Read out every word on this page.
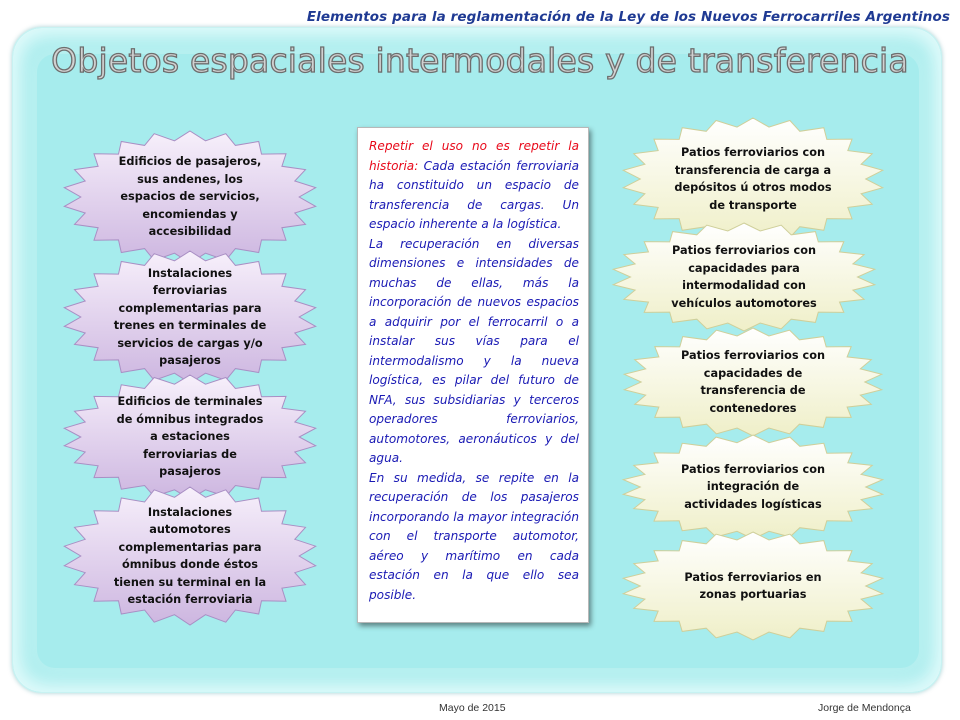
Elementos para la reglamentación de la Ley de los Nuevos Ferrocarriles Argentinos
Objetos espaciales intermodales y de transferencia
Edificios de pasajeros, sus andenes, los espacios de servicios, encomiendas y accesibilidad
Instalaciones ferroviarias complementarias para trenes en terminales de servicios de cargas y/o pasajeros
Edificios de terminales de ómnibus integrados a estaciones ferroviarias de pasajeros
Instalaciones automotores complementarias para ómnibus donde éstos tienen su terminal en la estación ferroviaria

Repetir el uso no es repetir la historia: Cada estación ferroviaria ha constituido un espacio de transferencia de cargas. Un espacio inherente a la logística.

La recuperación en diversas dimensiones e intensidades de muchas de ellas, más la incorporación de nuevos espacios a adquirir por el ferrocarril o a instalar sus vías para el intermodalismo y la nueva logística, es pilar del futuro de NFA, sus subsidiarias y terceros operadores ferroviarios, automotores, aeronáuticos y del agua.

En su medida, se repite en la recuperación de los pasajeros incorporando la mayor integración con el transporte automotor, aéreo y marítimo en cada estación en la que ello sea posible.

Patios ferroviarios con transferencia de carga a depósitos ú otros modos de transporte
Patios ferroviarios con capacidades para intermodalidad con vehículos automotores
Patios ferroviarios con capacidades de transferencia de contenedores
Patios ferroviarios con integración de actividades logísticas
Patios ferroviarios en zonas portuarias
Mayo de 2015	Jorge de Mendonça
